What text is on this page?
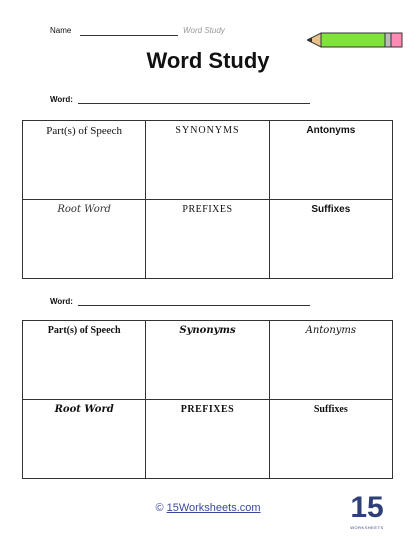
Name	Word Study
Word Study
Word:
Part(s) of Speech	SYNONYMS	Antonyms
Root Word	PREFIXES	Suffixes
Word:
Part(s) of Speech	Synonyms	Antonyms
Root Word	PREFIXES	Suffixes
© 15Worksheets.com	15
WORKSHEETS
